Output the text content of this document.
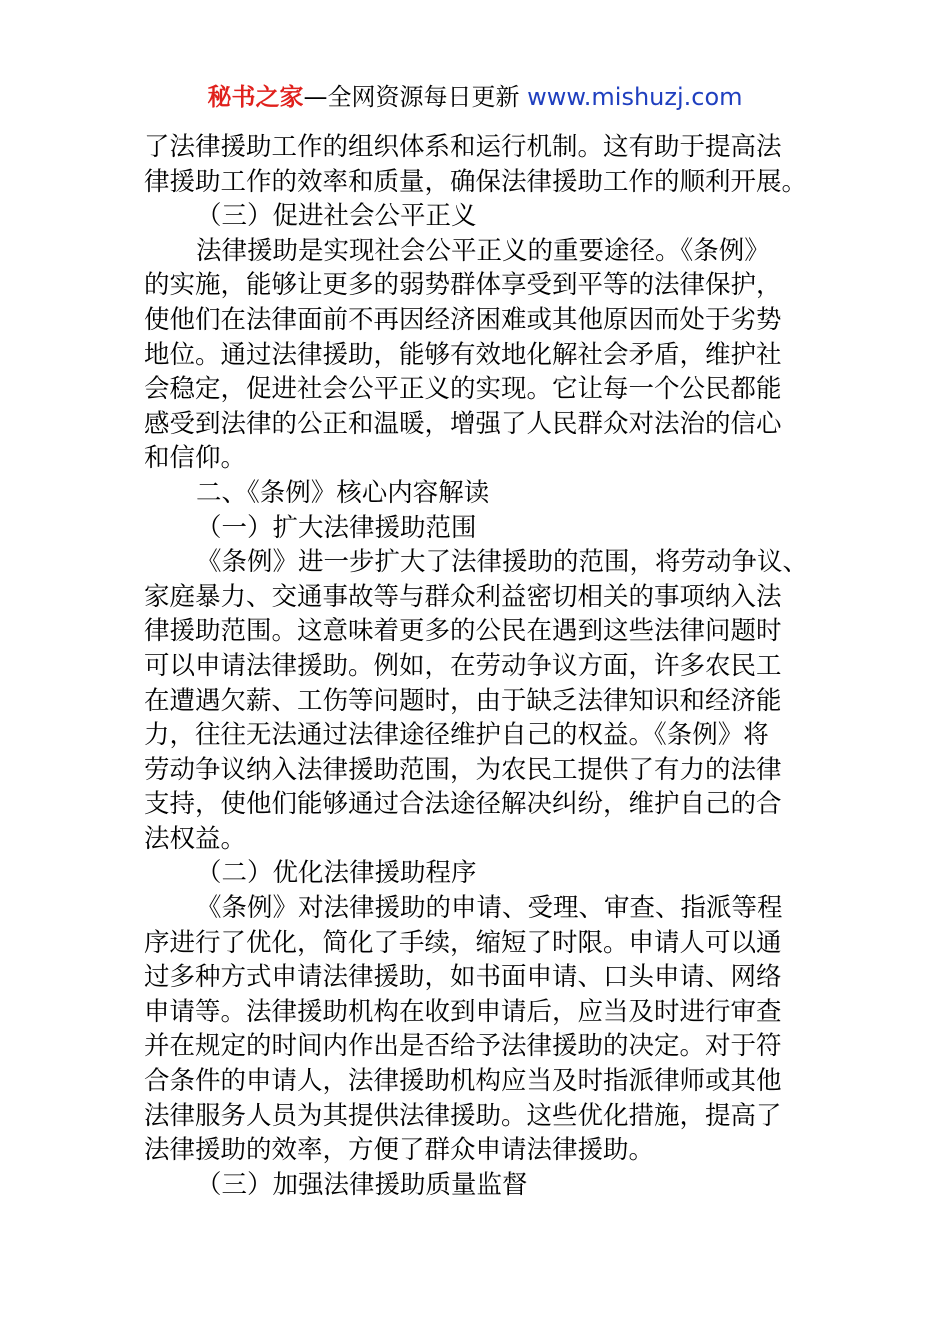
秘书之家—全网资源每日更新 www.mishuzj.com
了法律援助工作的组织体系和运行机制。这有助于提高法
律援助工作的效率和质量，确保法律援助工作的顺利开展。
（三）促进社会公平正义
法律援助是实现社会公平正义的重要途径。《条例》
的实施，能够让更多的弱势群体享受到平等的法律保护，
使他们在法律面前不再因经济困难或其他原因而处于劣势
地位。通过法律援助，能够有效地化解社会矛盾，维护社
会稳定，促进社会公平正义的实现。它让每一个公民都能
感受到法律的公正和温暖，增强了人民群众对法治的信心
和信仰。
二、《条例》核心内容解读
（一）扩大法律援助范围
《条例》进一步扩大了法律援助的范围，将劳动争议、
家庭暴力、交通事故等与群众利益密切相关的事项纳入法
律援助范围。这意味着更多的公民在遇到这些法律问题时
可以申请法律援助。例如，在劳动争议方面，许多农民工
在遭遇欠薪、工伤等问题时，由于缺乏法律知识和经济能
力，往往无法通过法律途径维护自己的权益。《条例》将
劳动争议纳入法律援助范围，为农民工提供了有力的法律
支持，使他们能够通过合法途径解决纠纷，维护自己的合
法权益。
（二）优化法律援助程序
《条例》对法律援助的申请、受理、审查、指派等程
序进行了优化，简化了手续，缩短了时限。申请人可以通
过多种方式申请法律援助，如书面申请、口头申请、网络
申请等。法律援助机构在收到申请后，应当及时进行审查
并在规定的时间内作出是否给予法律援助的决定。对于符
合条件的申请人，法律援助机构应当及时指派律师或其他
法律服务人员为其提供法律援助。这些优化措施，提高了
法律援助的效率，方便了群众申请法律援助。
（三）加强法律援助质量监督
